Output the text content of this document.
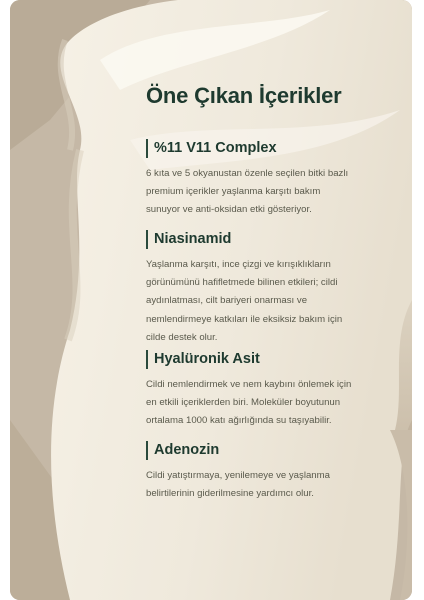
Öne Çıkan İçerikler
%11 V11 Complex

6 kıta ve 5 okyanustan özenle seçilen bitki bazlı
premium içerikler yaşlanma karşıtı bakım
sunuyor ve anti-oksidan etki gösteriyor.

Niasinamid

Yaşlanma karşıtı, ince çizgi ve kırışıklıkların
görünümünü hafifletmede bilinen etkileri; cildi
aydınlatması, cilt bariyeri onarması ve
nemlendirmeye katkıları ile eksiksiz bakım için
cilde destek olur.

Hyalüronik Asit

Cildi nemlendirmek ve nem kaybını önlemek için
en etkili içeriklerden biri. Moleküler boyutunun
ortalama 1000 katı ağırlığında su taşıyabilir.

Adenozin

Cildi yatıştırmaya, yenilemeye ve yaşlanma
belirtilerinin giderilmesine yardımcı olur.
